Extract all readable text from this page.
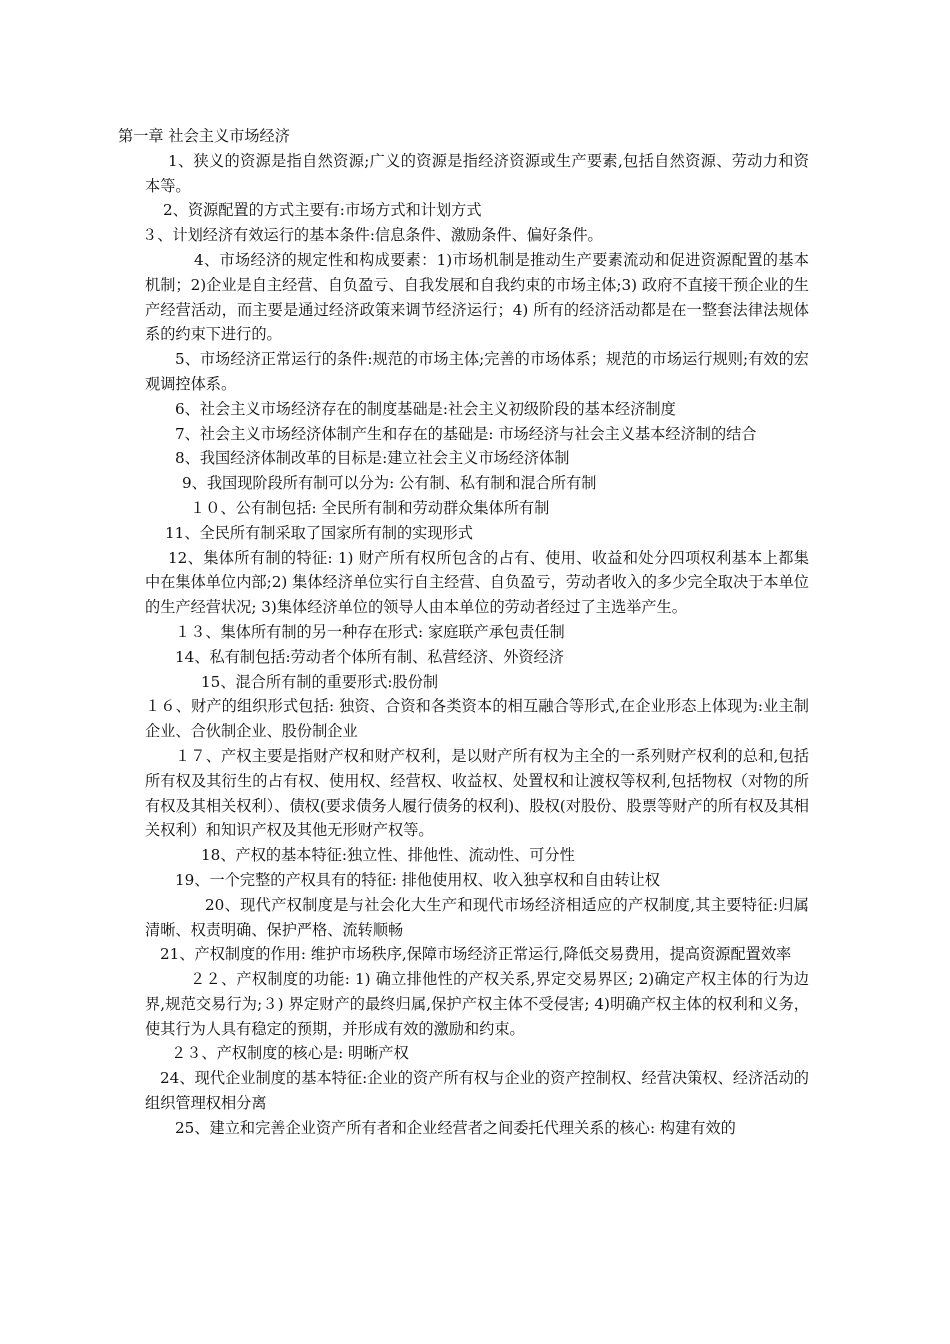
第一章 社会主义市场经济

1、狭义的资源是指自然资源;广义的资源是指经济资源或生产要素,包括自然资源、劳动力和资本等。

2、资源配置的方式主要有:市场方式和计划方式

３、计划经济有效运行的基本条件:信息条件、激励条件、偏好条件。

4、市场经济的规定性和构成要素：1)市场机制是推动生产要素流动和促进资源配置的基本机制；2)企业是自主经营、自负盈亏、自我发展和自我约束的市场主体;3) 政府不直接干预企业的生产经营活动，而主要是通过经济政策来调节经济运行；4) 所有的经济活动都是在一整套法律法规体系的约束下进行的。

5、市场经济正常运行的条件:规范的市场主体;完善的市场体系；规范的市场运行规则;有效的宏观调控体系。

6、社会主义市场经济存在的制度基础是:社会主义初级阶段的基本经济制度

7、社会主义市场经济体制产生和存在的基础是: 市场经济与社会主义基本经济制的结合

8、我国经济体制改革的目标是:建立社会主义市场经济体制

9、我国现阶段所有制可以分为: 公有制、私有制和混合所有制

１０、公有制包括: 全民所有制和劳动群众集体所有制

11、全民所有制采取了国家所有制的实现形式

12、集体所有制的特征: 1) 财产所有权所包含的占有、使用、收益和处分四项权利基本上都集中在集体单位内部;2) 集体经济单位实行自主经营、自负盈亏，劳动者收入的多少完全取决于本单位的生产经营状况; 3)集体经济单位的领导人由本单位的劳动者经过了主选举产生。

１３、集体所有制的另一种存在形式: 家庭联产承包责任制

14、私有制包括:劳动者个体所有制、私营经济、外资经济

15、混合所有制的重要形式:股份制

１６、财产的组织形式包括: 独资、合资和各类资本的相互融合等形式,在企业形态上体现为:业主制企业、合伙制企业、股份制企业

１７、产权主要是指财产权和财产权利，是以财产所有权为主全的一系列财产权利的总和,包括所有权及其衍生的占有权、使用权、经营权、收益权、处置权和让渡权等权利,包括物权（对物的所有权及其相关权利）、债权(要求债务人履行债务的权利)、股权(对股份、股票等财产的所有权及其相关权利）和知识产权及其他无形财产权等。

18、产权的基本特征:独立性、排他性、流动性、可分性

19、一个完整的产权具有的特征: 排他使用权、收入独享权和自由转让权

20、现代产权制度是与社会化大生产和现代市场经济相适应的产权制度,其主要特征:归属清晰、权责明确、保护严格、流转顺畅

21、产权制度的作用: 维护市场秩序,保障市场经济正常运行,降低交易费用，提高资源配置效率

２２、产权制度的功能: 1) 确立排他性的产权关系,界定交易界区; 2)确定产权主体的行为边界,规范交易行为;３) 界定财产的最终归属,保护产权主体不受侵害; 4)明确产权主体的权利和义务，使其行为人具有稳定的预期，并形成有效的激励和约束。

２３、产权制度的核心是: 明晰产权

24、现代企业制度的基本特征:企业的资产所有权与企业的资产控制权、经营决策权、经济活动的组织管理权相分离

25、建立和完善企业资产所有者和企业经营者之间委托代理关系的核心: 构建有效的
